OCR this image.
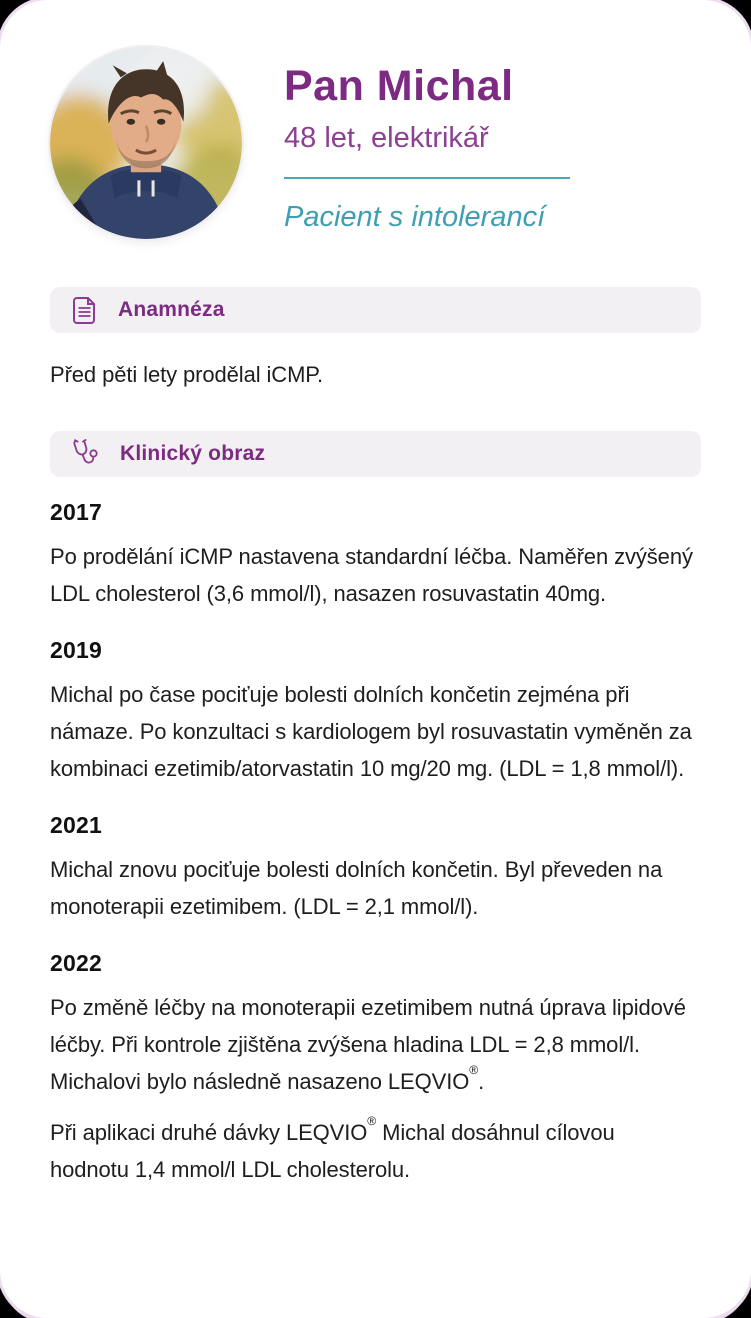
Pan Michal
48 let, elektrikář
Pacient s intolerancí
Anamnéza

Před pěti lety prodělal iCMP.

Klinický obraz
2017

Po prodělání iCMP nastavena standardní léčba. Naměřen zvýšený LDL cholesterol (3,6 mmol/l), nasazen rosuvastatin 40mg.

2019

Michal po čase pociťuje bolesti dolních končetin zejména při námaze. Po konzultaci s kardiologem byl rosuvastatin vyměněn za kombinaci ezetimib/atorvastatin 10 mg/20 mg. (LDL = 1,8 mmol/l).

2021

Michal znovu pociťuje bolesti dolních končetin. Byl převeden na monoterapii ezetimibem. (LDL = 2,1 mmol/l).

2022

Po změně léčby na monoterapii ezetimibem nutná úprava lipidové léčby. Při kontrole zjištěna zvýšena hladina LDL = 2,8 mmol/l. Michalovi bylo následně nasazeno LEQVIO®.

Při aplikaci druhé dávky LEQVIO® Michal dosáhnul cílovou hodnotu 1,4 mmol/l LDL cholesterolu.
